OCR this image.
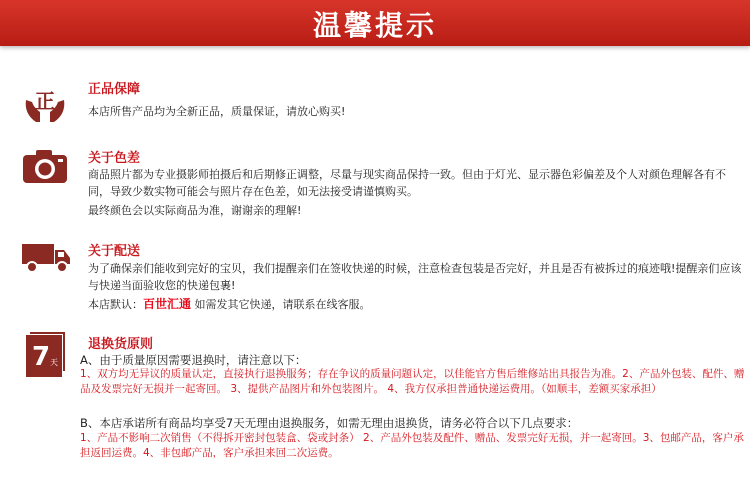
温馨提示
正	正品保障
本店所售产品均为全新正品，质量保证，请放心购买!
关于色差
商品照片都为专业摄影师拍摄后和后期修正调整，尽量与现实商品保持一致。但由于灯光、显示器色彩偏差及个人对颜色理解各有不同，导致少数实物可能会与照片存在色差，如无法接受请谨慎购买。
最终颜色会以实际商品为准，谢谢亲的理解!
关于配送
为了确保亲们能收到完好的宝贝，我们提醒亲们在签收快递的时候，注意检查包装是否完好，并且是否有被拆过的痕迹哦!提醒亲们应该与快递当面验收您的快递包裹!
本店默认：百世汇通 如需发其它快递，请联系在线客服。
7 天
退换货原则
A、由于质量原因需要退换时，请注意以下：
1、双方均无异议的质量认定，直接执行退换服务；存在争议的质量问题认定，以佳能官方售后维修站出具报告为准。2、产品外包装、配件、赠品及发票完好无损并一起寄回。 3、提供产品图片和外包装图片。 4、我方仅承担普通快递运费用。（如顺丰，差额买家承担）
B、本店承诺所有商品均享受7天无理由退换服务，如需无理由退换货，请务必符合以下几点要求：
1、产品不影响二次销售（不得拆开密封包装盒、袋或封条） 2、产品外包装及配件、赠品、发票完好无损，并一起寄回。3、包邮产品，客户承担返回运费。4、非包邮产品，客户承担来回二次运费。
